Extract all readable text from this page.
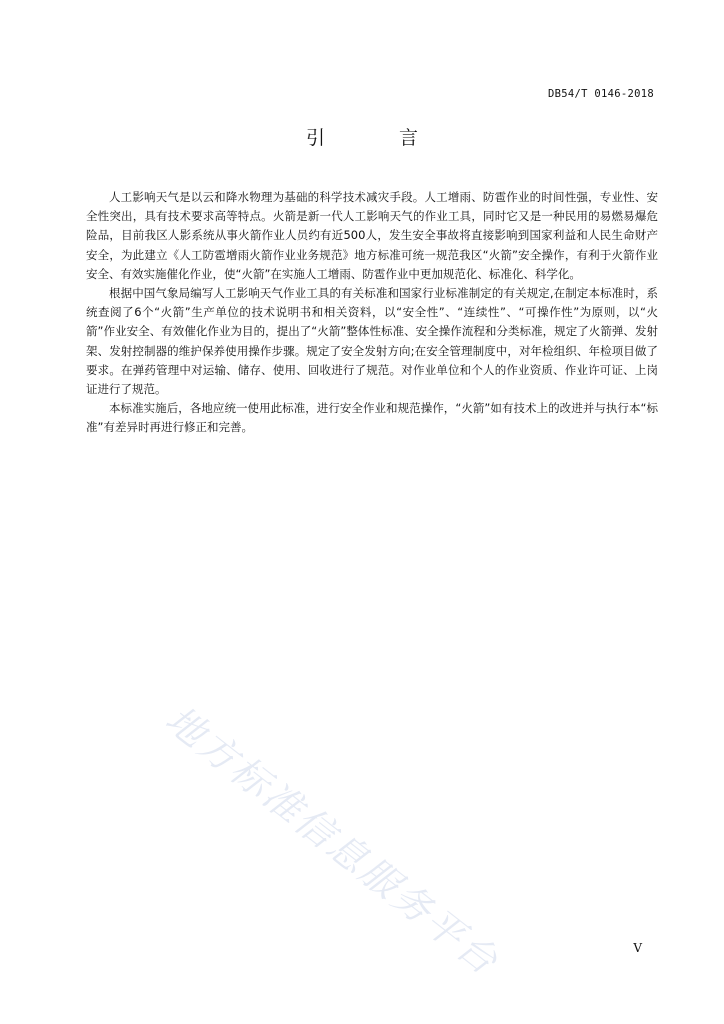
DB54/T 0146-2018
引 言

人工影响天气是以云和降水物理为基础的科学技术减灾手段。人工增雨、防雹作业的时间性强，专业性、安全性突出，具有技术要求高等特点。火箭是新一代人工影响天气的作业工具，同时它又是一种民用的易燃易爆危险品，目前我区人影系统从事火箭作业人员约有近500人，发生安全事故将直接影响到国家利益和人民生命财产安全，为此建立《人工防雹增雨火箭作业业务规范》地方标准可统一规范我区“火箭”安全操作，有利于火箭作业安全、有效实施催化作业，使“火箭”在实施人工增雨、防雹作业中更加规范化、标准化、科学化。

根据中国气象局编写人工影响天气作业工具的有关标准和国家行业标准制定的有关规定,在制定本标准时，系统查阅了6个“火箭”生产单位的技术说明书和相关资料，以“安全性”、“连续性”、“可操作性”为原则，以“火箭”作业安全、有效催化作业为目的，提出了“火箭”整体性标准、安全操作流程和分类标准，规定了火箭弹、发射架、发射控制器的维护保养使用操作步骤。规定了安全发射方向;在安全管理制度中，对年检组织、年检项目做了要求。在弹药管理中对运输、储存、使用、回收进行了规范。对作业单位和个人的作业资质、作业许可证、上岗证进行了规范。

本标准实施后，各地应统一使用此标准，进行安全作业和规范操作，“火箭”如有技术上的改进并与执行本“标准”有差异时再进行修正和完善。

地方标准信息服务平台	V
